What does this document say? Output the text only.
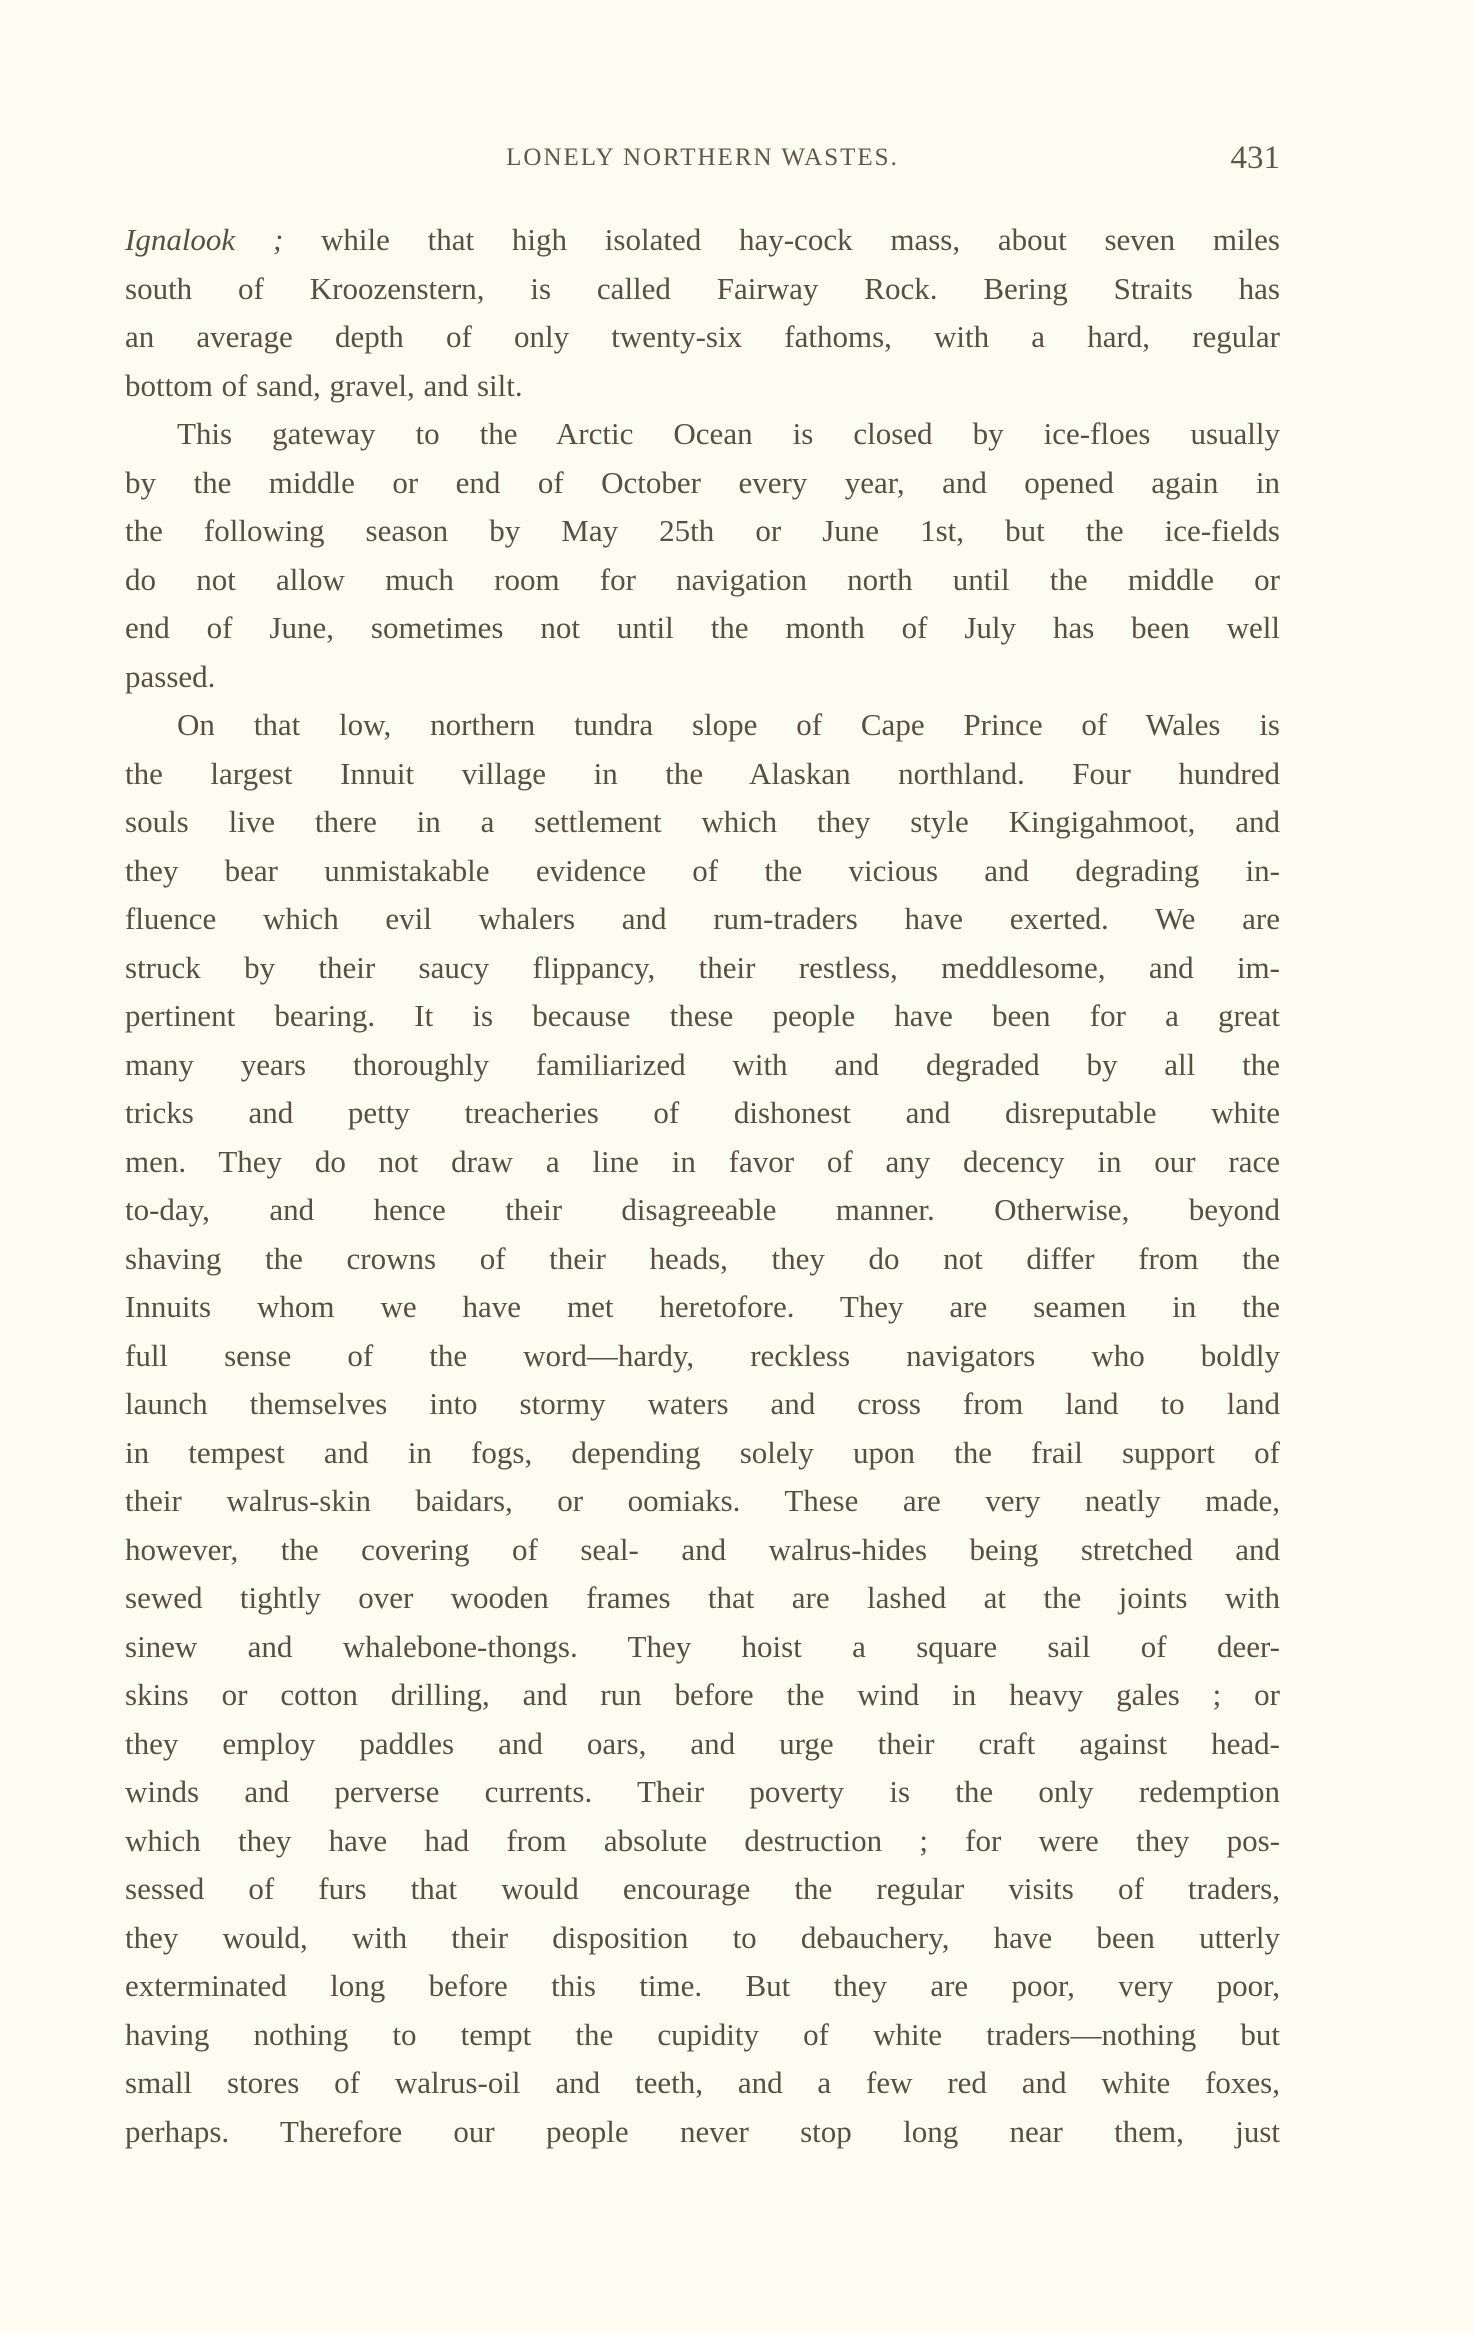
LONELY NORTHERN WASTES.	431
Ignalook ; while that high isolated hay-cock mass, about seven miles
south of Kroozenstern, is called Fairway Rock. Bering Straits has
an average depth of only twenty-six fathoms, with a hard, regular
bottom of sand, gravel, and silt.
This gateway to the Arctic Ocean is closed by ice-floes usually
by the middle or end of October every year, and opened again in
the following season by May 25th or June 1st, but the ice-fields
do not allow much room for navigation north until the middle or
end of June, sometimes not until the month of July has been well
passed.
On that low, northern tundra slope of Cape Prince of Wales is
the largest Innuit village in the Alaskan northland. Four hundred
souls live there in a settlement which they style Kingigahmoot, and
they bear unmistakable evidence of the vicious and degrading in-
fluence which evil whalers and rum-traders have exerted. We are
struck by their saucy flippancy, their restless, meddlesome, and im-
pertinent bearing. It is because these people have been for a great
many years thoroughly familiarized with and degraded by all the
tricks and petty treacheries of dishonest and disreputable white
men. They do not draw a line in favor of any decency in our race
to-day, and hence their disagreeable manner. Otherwise, beyond
shaving the crowns of their heads, they do not differ from the
Innuits whom we have met heretofore. They are seamen in the
full sense of the word—hardy, reckless navigators who boldly
launch themselves into stormy waters and cross from land to land
in tempest and in fogs, depending solely upon the frail support of
their walrus-skin baidars, or oomiaks. These are very neatly made,
however, the covering of seal- and walrus-hides being stretched and
sewed tightly over wooden frames that are lashed at the joints with
sinew and whalebone-thongs. They hoist a square sail of deer-
skins or cotton drilling, and run before the wind in heavy gales ; or
they employ paddles and oars, and urge their craft against head-
winds and perverse currents. Their poverty is the only redemption
which they have had from absolute destruction ; for were they pos-
sessed of furs that would encourage the regular visits of traders,
they would, with their disposition to debauchery, have been utterly
exterminated long before this time. But they are poor, very poor,
having nothing to tempt the cupidity of white traders—nothing but
small stores of walrus-oil and teeth, and a few red and white foxes,
perhaps. Therefore our people never stop long near them, just
